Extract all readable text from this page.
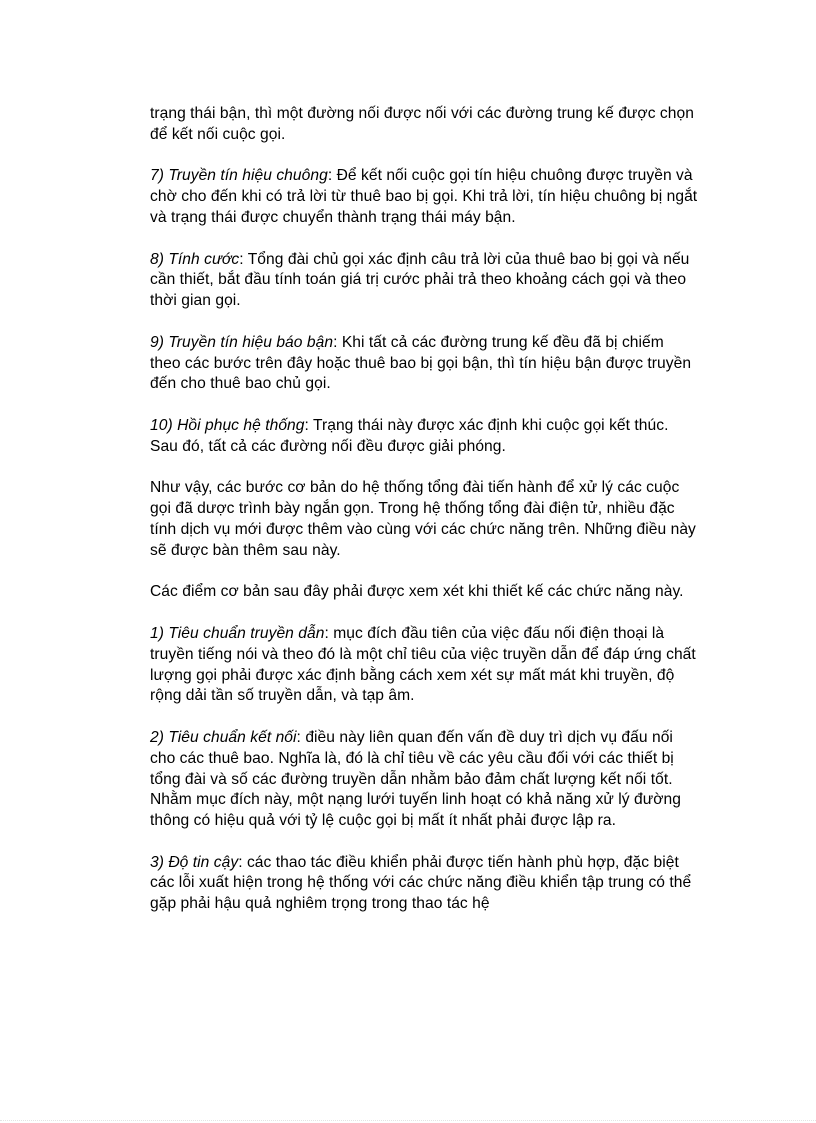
trạng thái bận, thì một đường nối được nối với các đường trung kế được chọn để kết nối cuộc gọi.

7) Truyền tín hiệu chuông: Để kết nối cuộc gọi tín hiệu chuông được truyền và chờ cho đến khi có trả lời từ thuê bao bị gọi. Khi trả lời, tín hiệu chuông bị ngắt và trạng thái được chuyển thành trạng thái máy bận.

8) Tính cước: Tổng đài chủ gọi xác định câu trả lời của thuê bao bị gọi và nếu cần thiết, bắt đầu tính toán giá trị cước phải trả theo khoảng cách gọi và theo thời gian gọi.

9) Truyền tín hiệu báo bận: Khi tất cả các đường trung kế đều đã bị chiếm theo các bước trên đây hoặc thuê bao bị gọi bận, thì tín hiệu bận được truyền đến cho thuê bao chủ gọi.

10) Hồi phục hệ thống: Trạng thái này được xác định khi cuộc gọi kết thúc. Sau đó, tất cả các đường nối đều được giải phóng.

Như vậy, các bước cơ bản do hệ thống tổng đài tiến hành để xử lý các cuộc gọi đã dược trình bày ngắn gọn. Trong hệ thống tổng đài điện tử, nhiều đặc tính dịch vụ mới được thêm vào cùng với các chức năng trên. Những điều này sẽ được bàn thêm sau này.

Các điểm cơ bản sau đây phải được xem xét khi thiết kế các chức năng này.

1) Tiêu chuẩn truyền dẫn: mục đích đầu tiên của việc đấu nối điện thoại là truyền tiếng nói và theo đó là một chỉ tiêu của việc truyền dẫn để đáp ứng chất lượng gọi phải được xác định bằng cách xem xét sự mất mát khi truyền, độ rộng dải tần số truyền dẫn, và tạp âm.

2) Tiêu chuẩn kết nối: điều này liên quan đến vấn đề duy trì dịch vụ đấu nối cho các thuê bao. Nghĩa là, đó là chỉ tiêu về các yêu cầu đối với các thiết bị tổng đài và số các đường truyền dẫn nhằm bảo đảm chất lượng kết nối tốt. Nhằm mục đích này, một nạng lưới tuyến linh hoạt có khả năng xử lý đường thông có hiệu quả với tỷ lệ cuộc gọi bị mất ít nhất phải được lập ra.

3) Độ tin cậy: các thao tác điều khiển phải được tiến hành phù hợp, đặc biệt các lỗi xuất hiện trong hệ thống với các chức năng điều khiển tập trung có thể gặp phải hậu quả nghiêm trọng trong thao tác hệ
